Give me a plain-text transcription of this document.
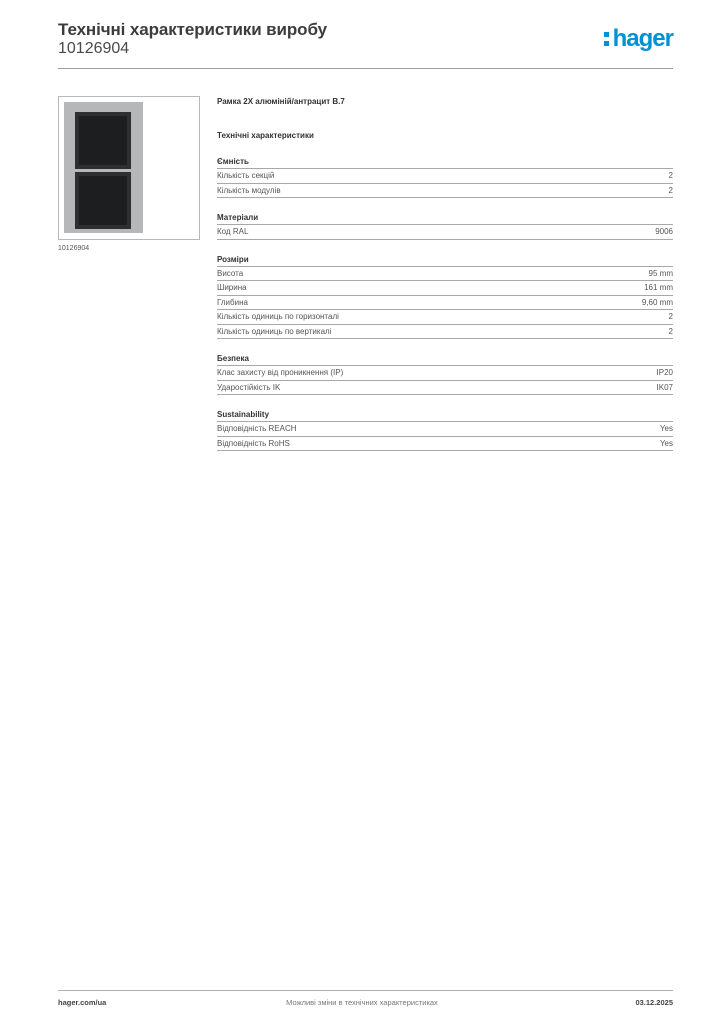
Технічні характеристики виробу
10126904	hager
10126904
Рамка 2X алюміній/антрацит B.7
Технічні характеристики
Ємність
Кількість секцій	2
Кількість модулів	2
Матеріали
Код RAL	9006
Розміри
Висота	95 mm
Ширина	161 mm
Глибина	9,60 mm
Кількість одиниць по горизонталі	2
Кількість одиниць по вертикалі	2
Безпека
Клас захисту від проникнення (IP)	IP20
Ударостійкість IK	IK07
Sustainability
Відповідність REACH	Yes
Відповідність RoHS	Yes
hager.com/ua	Можливі зміни в технічних характеристиках	03.12.2025
